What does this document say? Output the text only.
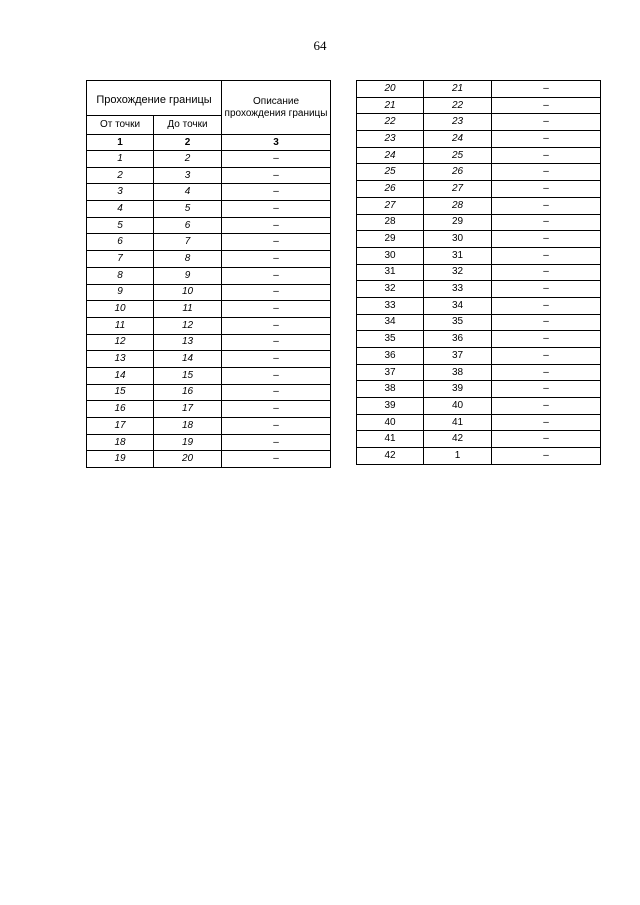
64
Прохождение границы		Описание прохождения границы
От точки	До точки	
1	2	3
1	2	–
2	3	–
3	4	–
4	5	–
5	6	–
6	7	–
7	8	–
8	9	–
9	10	–
10	11	–
11	12	–
12	13	–
13	14	–
14	15	–
15	16	–
16	17	–
17	18	–
18	19	–
19	20	–
20	21	–
21	22	–
22	23	–
23	24	–
24	25	–
25	26	–
26	27	–
27	28	–
28	29	–
29	30	–
30	31	–
31	32	–
32	33	–
33	34	–
34	35	–
35	36	–
36	37	–
37	38	–
38	39	–
39	40	–
40	41	–
41	42	–
42	1	–
